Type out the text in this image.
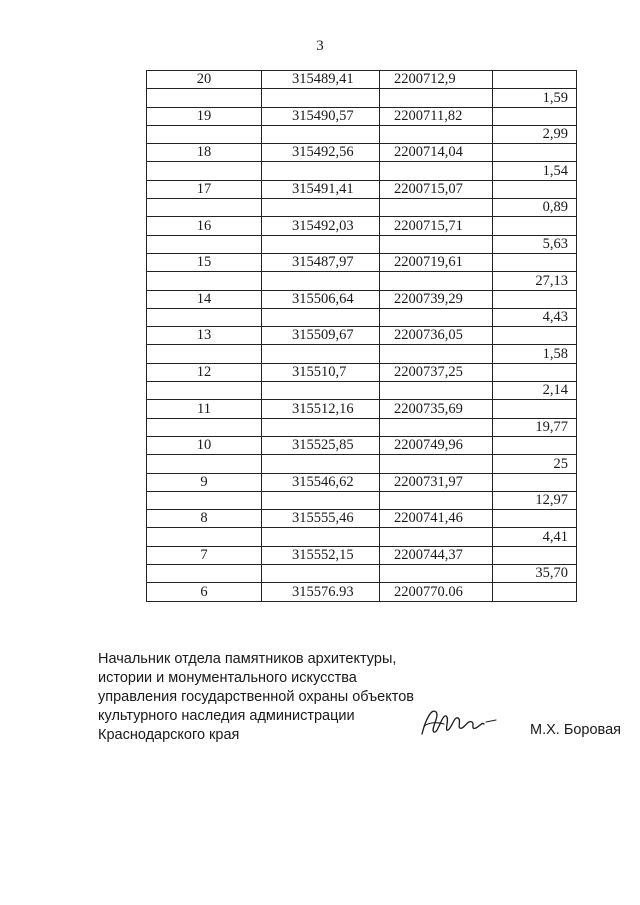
3
20	315489,41	2200712,9	
			1,59
19	315490,57	2200711,82	
			2,99
18	315492,56	2200714,04	
			1,54
17	315491,41	2200715,07	
			0,89
16	315492,03	2200715,71	
			5,63
15	315487,97	2200719,61	
			27,13
14	315506,64	2200739,29	
			4,43
13	315509,67	2200736,05	
			1,58
12	315510,7	2200737,25	
			2,14
11	315512,16	2200735,69	
			19,77
10	315525,85	2200749,96	
			25
9	315546,62	2200731,97	
			12,97
8	315555,46	2200741,46	
			4,41
7	315552,15	2200744,37	
			35,70
6	315576.93	2200770.06	
Начальник отдела памятников архитектуры,
истории и монументального искусства
управления государственной охраны объектов
культурного наследия администрации
Краснодарского края	М.Х. Боровая
